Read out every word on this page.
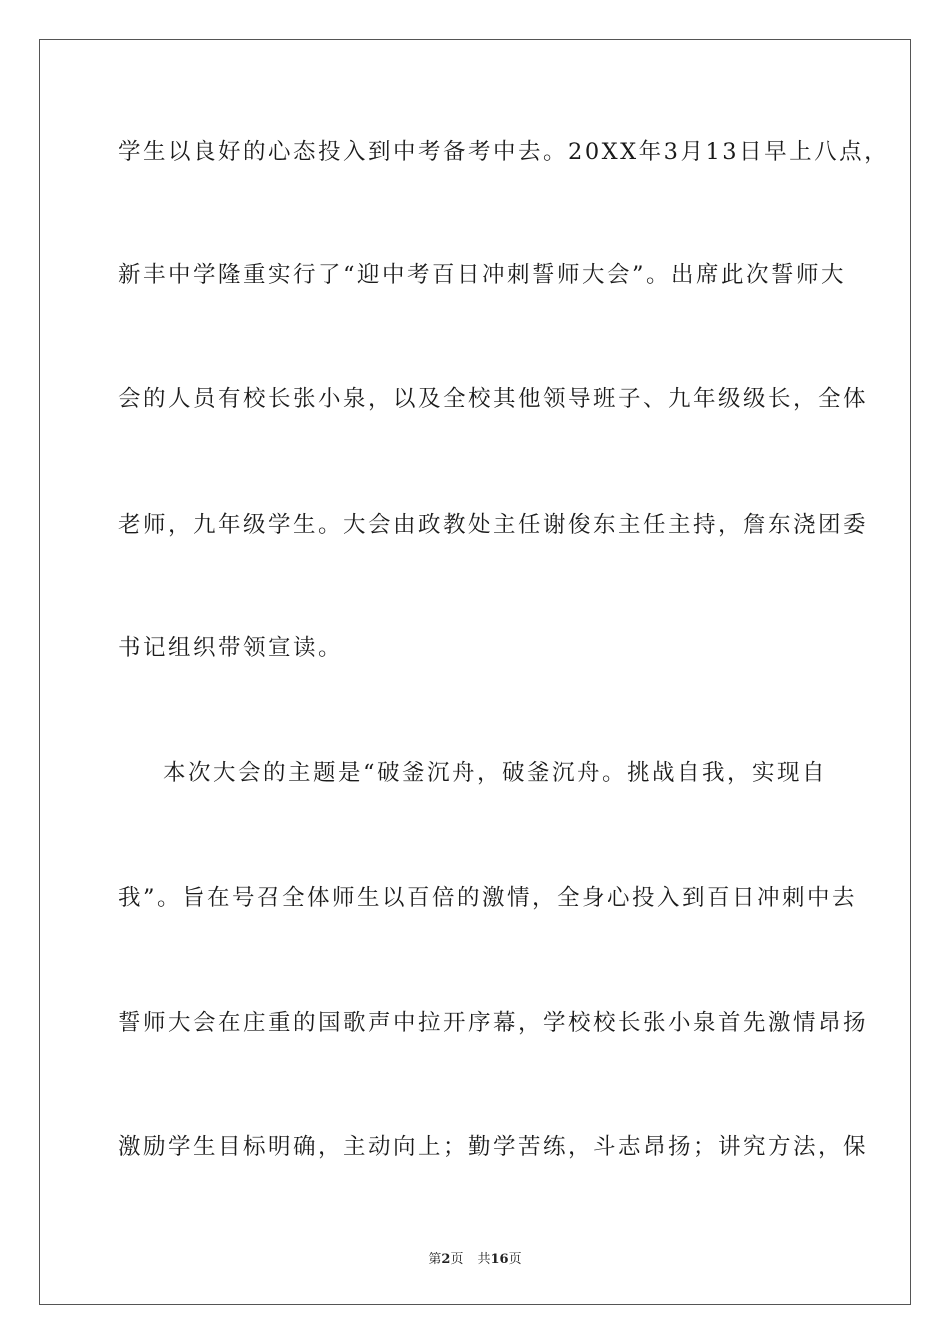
学生以良好的心态投入到中考备考中去。20XX年3月13日早上八点，
新丰中学隆重实行了“迎中考百日冲刺誓师大会”。出席此次誓师大
会的人员有校长张小泉，以及全校其他领导班子、九年级级长，全体
老师，九年级学生。大会由政教处主任谢俊东主任主持，詹东浇团委
书记组织带领宣读。
本次大会的主题是“破釜沉舟，破釜沉舟。挑战自我，实现自
我”。旨在号召全体师生以百倍的激情，全身心投入到百日冲刺中去
誓师大会在庄重的国歌声中拉开序幕，学校校长张小泉首先激情昂扬
激励学生目标明确，主动向上；勤学苦练，斗志昂扬；讲究方法，保
第2页 共16页
